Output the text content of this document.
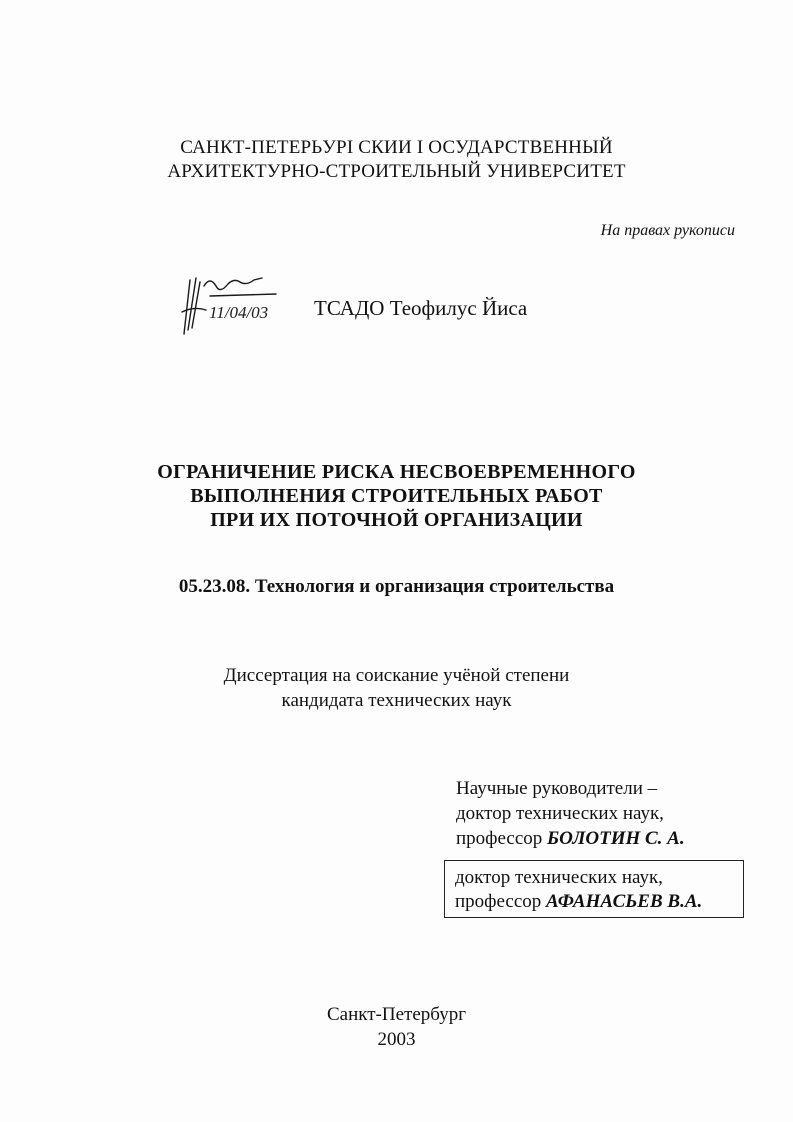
САНКТ-ПЕТЕРЬУРI СКИИ I ОСУДАРСТВЕННЫЙ
АРХИТЕКТУРНО-СТРОИТЕЛЬНЫЙ УНИВЕРСИТЕТ
На правах рукописи
11/04/03 ТСАДО Теофилус Йиса
ОГРАНИЧЕНИЕ РИСКА НЕСВОЕВРЕМЕННОГО
ВЫПОЛНЕНИЯ СТРОИТЕЛЬНЫХ РАБОТ
ПРИ ИХ ПОТОЧНОЙ ОРГАНИЗАЦИИ
05.23.08. Технология и организация строительства
Диссертация на соискание учёной степени
кандидата технических наук
Научные руководители –
доктор технических наук,
профессор БОЛОТИН С. А.
доктор технических наук,
профессор АФАНАСЬЕВ В.А.
Санкт-Петербург
2003
